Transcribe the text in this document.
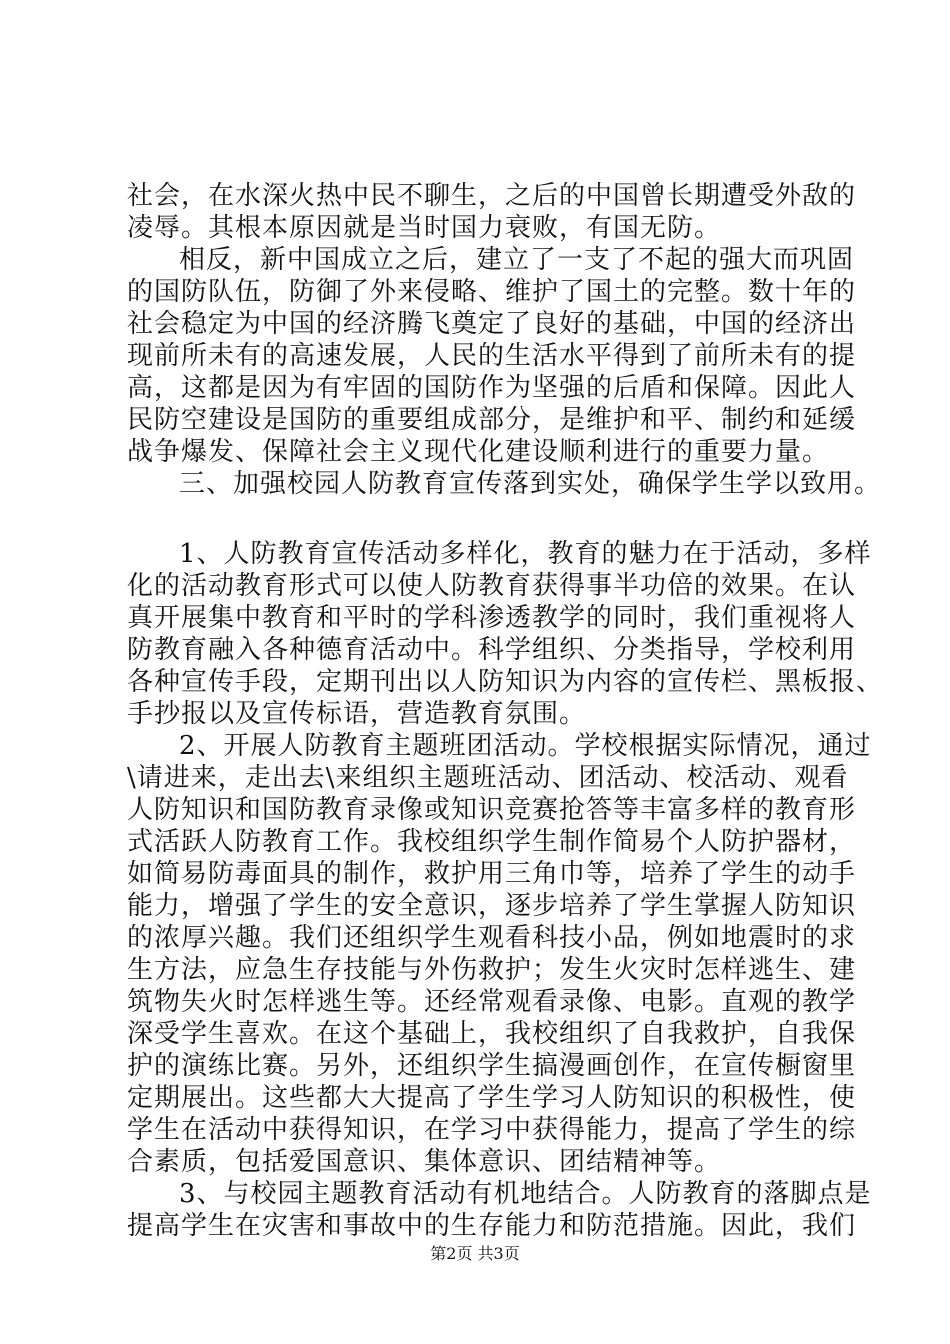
社会，在水深火热中民不聊生，之后的中国曾长期遭受外敌的
凌辱。其根本原因就是当时国力衰败，有国无防。
相反，新中国成立之后，建立了一支了不起的强大而巩固
的国防队伍，防御了外来侵略、维护了国土的完整。数十年的
社会稳定为中国的经济腾飞奠定了良好的基础，中国的经济出
现前所未有的高速发展，人民的生活水平得到了前所未有的提
高，这都是因为有牢固的国防作为坚强的后盾和保障。因此人
民防空建设是国防的重要组成部分，是维护和平、制约和延缓
战争爆发、保障社会主义现代化建设顺利进行的重要力量。
三、加强校园人防教育宣传落到实处，确保学生学以致用。
1、人防教育宣传活动多样化，教育的魅力在于活动，多样
化的活动教育形式可以使人防教育获得事半功倍的效果。在认
真开展集中教育和平时的学科渗透教学的同时，我们重视将人
防教育融入各种德育活动中。科学组织、分类指导，学校利用
各种宣传手段，定期刊出以人防知识为内容的宣传栏、黑板报、
手抄报以及宣传标语，营造教育氛围。
2、开展人防教育主题班团活动。学校根据实际情况，通过
\请进来，走出去\来组织主题班活动、团活动、校活动、观看
人防知识和国防教育录像或知识竞赛抢答等丰富多样的教育形
式活跃人防教育工作。我校组织学生制作简易个人防护器材，
如简易防毒面具的制作，救护用三角巾等，培养了学生的动手
能力，增强了学生的安全意识，逐步培养了学生掌握人防知识
的浓厚兴趣。我们还组织学生观看科技小品，例如地震时的求
生方法，应急生存技能与外伤救护；发生火灾时怎样逃生、建
筑物失火时怎样逃生等。还经常观看录像、电影。直观的教学
深受学生喜欢。在这个基础上，我校组织了自我救护，自我保
护的演练比赛。另外，还组织学生搞漫画创作，在宣传橱窗里
定期展出。这些都大大提高了学生学习人防知识的积极性，使
学生在活动中获得知识，在学习中获得能力，提高了学生的综
合素质，包括爱国意识、集体意识、团结精神等。
3、与校园主题教育活动有机地结合。人防教育的落脚点是
提高学生在灾害和事故中的生存能力和防范措施。因此，我们
第2页 共3页
